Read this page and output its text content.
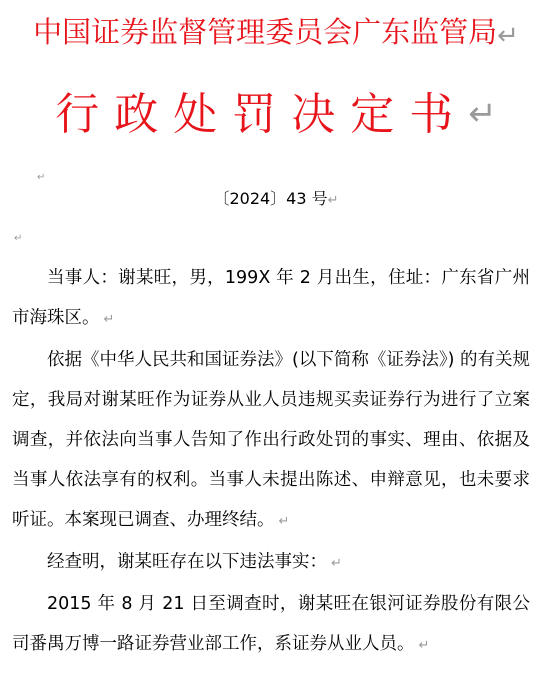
中国证券监督管理委员会广东监管局↵
行政处罚决定书↵
↵
〔2024〕43 号↵
↵

当事人：谢某旺，男，199X 年 2 月出生，住址：广东省广州市海珠区。 ↵

依据《中华人民共和国证券法》(以下简称《证券法》) 的有关规定，我局对谢某旺作为证券从业人员违规买卖证券行为进行了立案调查，并依法向当事人告知了作出行政处罚的事实、理由、依据及当事人依法享有的权利。当事人未提出陈述、申辩意见，也未要求听证。本案现已调查、办理终结。 ↵

经查明，谢某旺存在以下违法事实： ↵

2015 年 8 月 21 日至调查时，谢某旺在银河证券股份有限公司番禺万博一路证券营业部工作，系证券从业人员。 ↵
